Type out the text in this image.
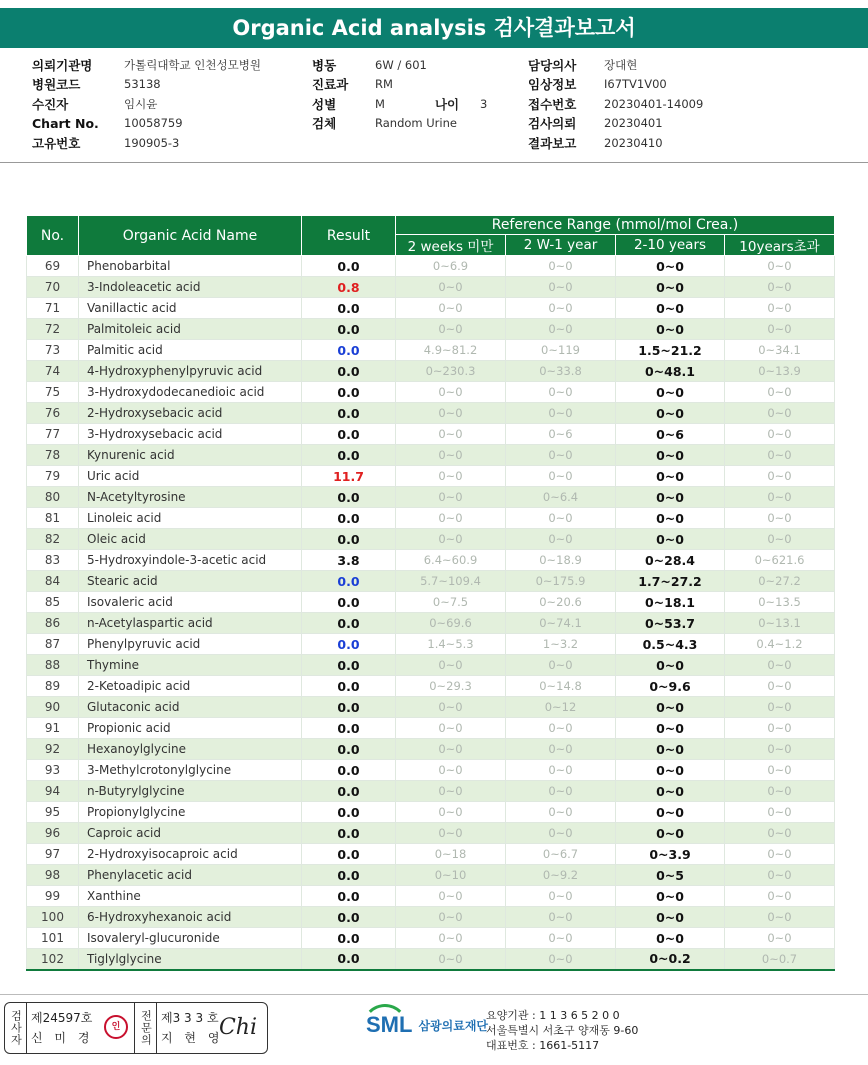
Organic Acid analysis 검사결과보고서
의뢰기관명	가톨릭대학교 인천성모병원
병원코드	53138
수진자	임시윤
Chart No.	10058759
고유번호	190905-3
병동	6W / 601
진료과	RM
성별	M	나이	3
검체	Random Urine
담당의사	장대현
임상정보	I67TV1V00
접수번호	20230401-14009
검사의뢰	20230401
결과보고	20230410
No.	Organic Acid Name	Result	Reference Range (mmol/mol Crea.)			
			2 weeks 미만	2 W-1 year	2-10 years	10years초과
69	Phenobarbital	0.0	0~6.9	0~0	0~0	0~0
70	3-Indoleacetic acid	0.8	0~0	0~0	0~0	0~0
71	Vanillactic acid	0.0	0~0	0~0	0~0	0~0
72	Palmitoleic acid	0.0	0~0	0~0	0~0	0~0
73	Palmitic acid	0.0	4.9~81.2	0~119	1.5~21.2	0~34.1
74	4-Hydroxyphenylpyruvic acid	0.0	0~230.3	0~33.8	0~48.1	0~13.9
75	3-Hydroxydodecanedioic acid	0.0	0~0	0~0	0~0	0~0
76	2-Hydroxysebacic acid	0.0	0~0	0~0	0~0	0~0
77	3-Hydroxysebacic acid	0.0	0~0	0~6	0~6	0~0
78	Kynurenic acid	0.0	0~0	0~0	0~0	0~0
79	Uric acid	11.7	0~0	0~0	0~0	0~0
80	N-Acetyltyrosine	0.0	0~0	0~6.4	0~0	0~0
81	Linoleic acid	0.0	0~0	0~0	0~0	0~0
82	Oleic acid	0.0	0~0	0~0	0~0	0~0
83	5-Hydroxyindole-3-acetic acid	3.8	6.4~60.9	0~18.9	0~28.4	0~621.6
84	Stearic acid	0.0	5.7~109.4	0~175.9	1.7~27.2	0~27.2
85	Isovaleric acid	0.0	0~7.5	0~20.6	0~18.1	0~13.5
86	n-Acetylaspartic acid	0.0	0~69.6	0~74.1	0~53.7	0~13.1
87	Phenylpyruvic acid	0.0	1.4~5.3	1~3.2	0.5~4.3	0.4~1.2
88	Thymine	0.0	0~0	0~0	0~0	0~0
89	2-Ketoadipic acid	0.0	0~29.3	0~14.8	0~9.6	0~0
90	Glutaconic acid	0.0	0~0	0~12	0~0	0~0
91	Propionic acid	0.0	0~0	0~0	0~0	0~0
92	Hexanoylglycine	0.0	0~0	0~0	0~0	0~0
93	3-Methylcrotonylglycine	0.0	0~0	0~0	0~0	0~0
94	n-Butyrylglycine	0.0	0~0	0~0	0~0	0~0
95	Propionylglycine	0.0	0~0	0~0	0~0	0~0
96	Caproic acid	0.0	0~0	0~0	0~0	0~0
97	2-Hydroxyisocaproic acid	0.0	0~18	0~6.7	0~3.9	0~0
98	Phenylacetic acid	0.0	0~10	0~9.2	0~5	0~0
99	Xanthine	0.0	0~0	0~0	0~0	0~0
100	6-Hydroxyhexanoic acid	0.0	0~0	0~0	0~0	0~0
101	Isovaleryl-glucuronide	0.0	0~0	0~0	0~0	0~0
102	Tiglylglycine	0.0	0~0	0~0	0~0.2	0~0.7
검사자 제24597호
신 미 경
인	전문의 제3 3 3 호
지 현 영
Chi	SML 삼광의료재단
요양기관 : 1 1 3 6 5 2 0 0
서울특별시 서초구 양재동 9-60
대표번호 : 1661-5117
